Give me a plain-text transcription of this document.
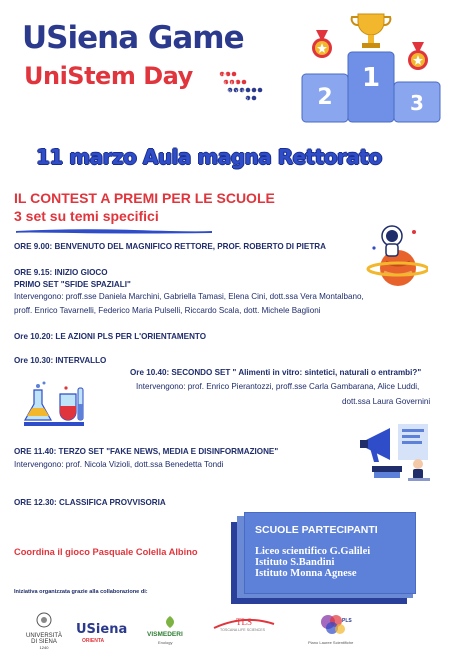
USiena Game
UniStem Day	U N I
S T E M
D A Y 2 0
2 4
1
2	3
11 marzo Aula magna Rettorato
IL CONTEST A PREMI PER LE SCUOLE
3 set su temi specifici
ORE 9.00: BENVENUTO DEL MAGNIFICO RETTORE, PROF. ROBERTO DI PIETRA
ORE 9.15: INIZIO GIOCO
PRIMO SET "SFIDE SPAZIALI"
Intervengono: proff.sse Daniela Marchini, Gabriella Tamasi, Elena Cini, dott.ssa Vera Montalbano,
proff. Enrico Tavarnelli, Federico Maria Pulselli, Riccardo Scala, dott. Michele Baglioni
Ore 10.20: LE AZIONI PLS PER L'ORIENTAMENTO
Ore 10.30: INTERVALLO
Ore 10.40: SECONDO SET " Alimenti in vitro: sintetici, naturali o entrambi?"
Intervengono: prof. Enrico Pierantozzi, proff.sse Carla Gambarana, Alice Luddi,
dott.ssa Laura Governini
ORE 11.40: TERZO SET "FAKE NEWS, MEDIA E DISINFORMAZIONE"
Intervengono: prof. Nicola Vizioli, dott.ssa Benedetta Tondi
ORE 12.30: CLASSIFICA PROVVISORIA
Coordina il gioco Pasquale Colella Albino
Iniziativa organizzata grazie alla collaborazione di:
SCUOLE PARTECIPANTI
Liceo scientifico G.Galilei
Istituto S.Bandini
Istituto Monna Agnese
UNIVERSITÀ
DI SIENA
1240
USiena
ORIENTA
VISMEDERI
Enology
TLS
TOSCANA LIFE SCIENCES
PLS
Piano Lauree Scientifiche
